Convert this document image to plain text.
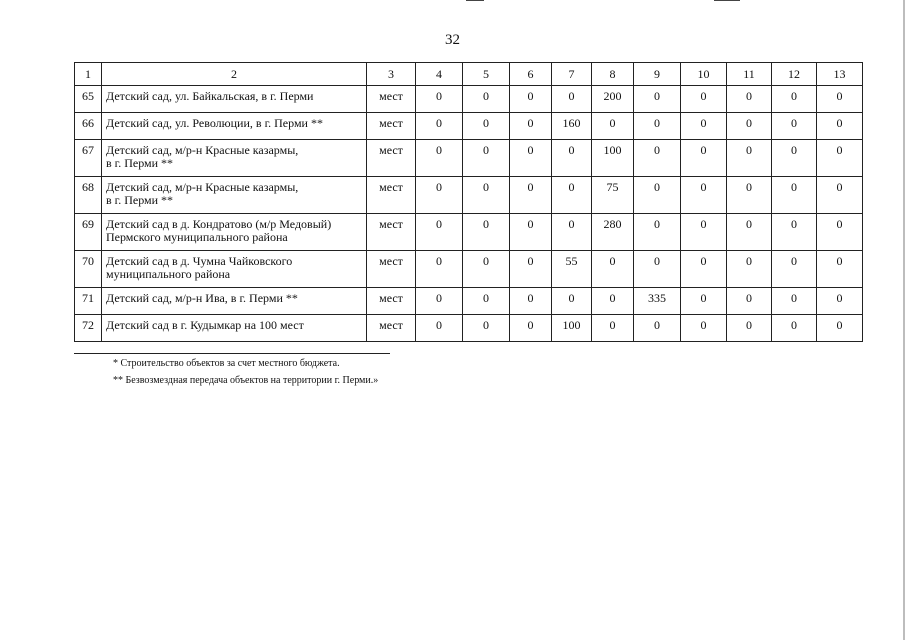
32
1	2	3	4	5	6	7	8	9	10	11	12	13
65	Детский сад, ул. Байкальская, в г. Перми	мест	0	0	0	0	200	0	0	0	0	0
66	Детский сад, ул. Революции, в г. Перми **	мест	0	0	0	160	0	0	0	0	0	0
67	Детский сад, м/р-н Красные казармы,
в г. Перми **	мест	0	0	0	0	100	0	0	0	0	0
68	Детский сад, м/р-н Красные казармы,
в г. Перми **	мест	0	0	0	0	75	0	0	0	0	0
69	Детский сад в д. Кондратово (м/р Медовый)
Пермского муниципального района	мест	0	0	0	0	280	0	0	0	0	0
70	Детский сад в д. Чумна Чайковского
муниципального района	мест	0	0	0	55	0	0	0	0	0	0
71	Детский сад, м/р-н Ива, в г. Перми **	мест	0	0	0	0	0	335	0	0	0	0
72	Детский сад в г. Кудымкар на 100 мест	мест	0	0	0	100	0	0	0	0	0	0
* Строительство объектов за счет местного бюджета.
** Безвозмездная передача объектов на территории г. Перми.»
